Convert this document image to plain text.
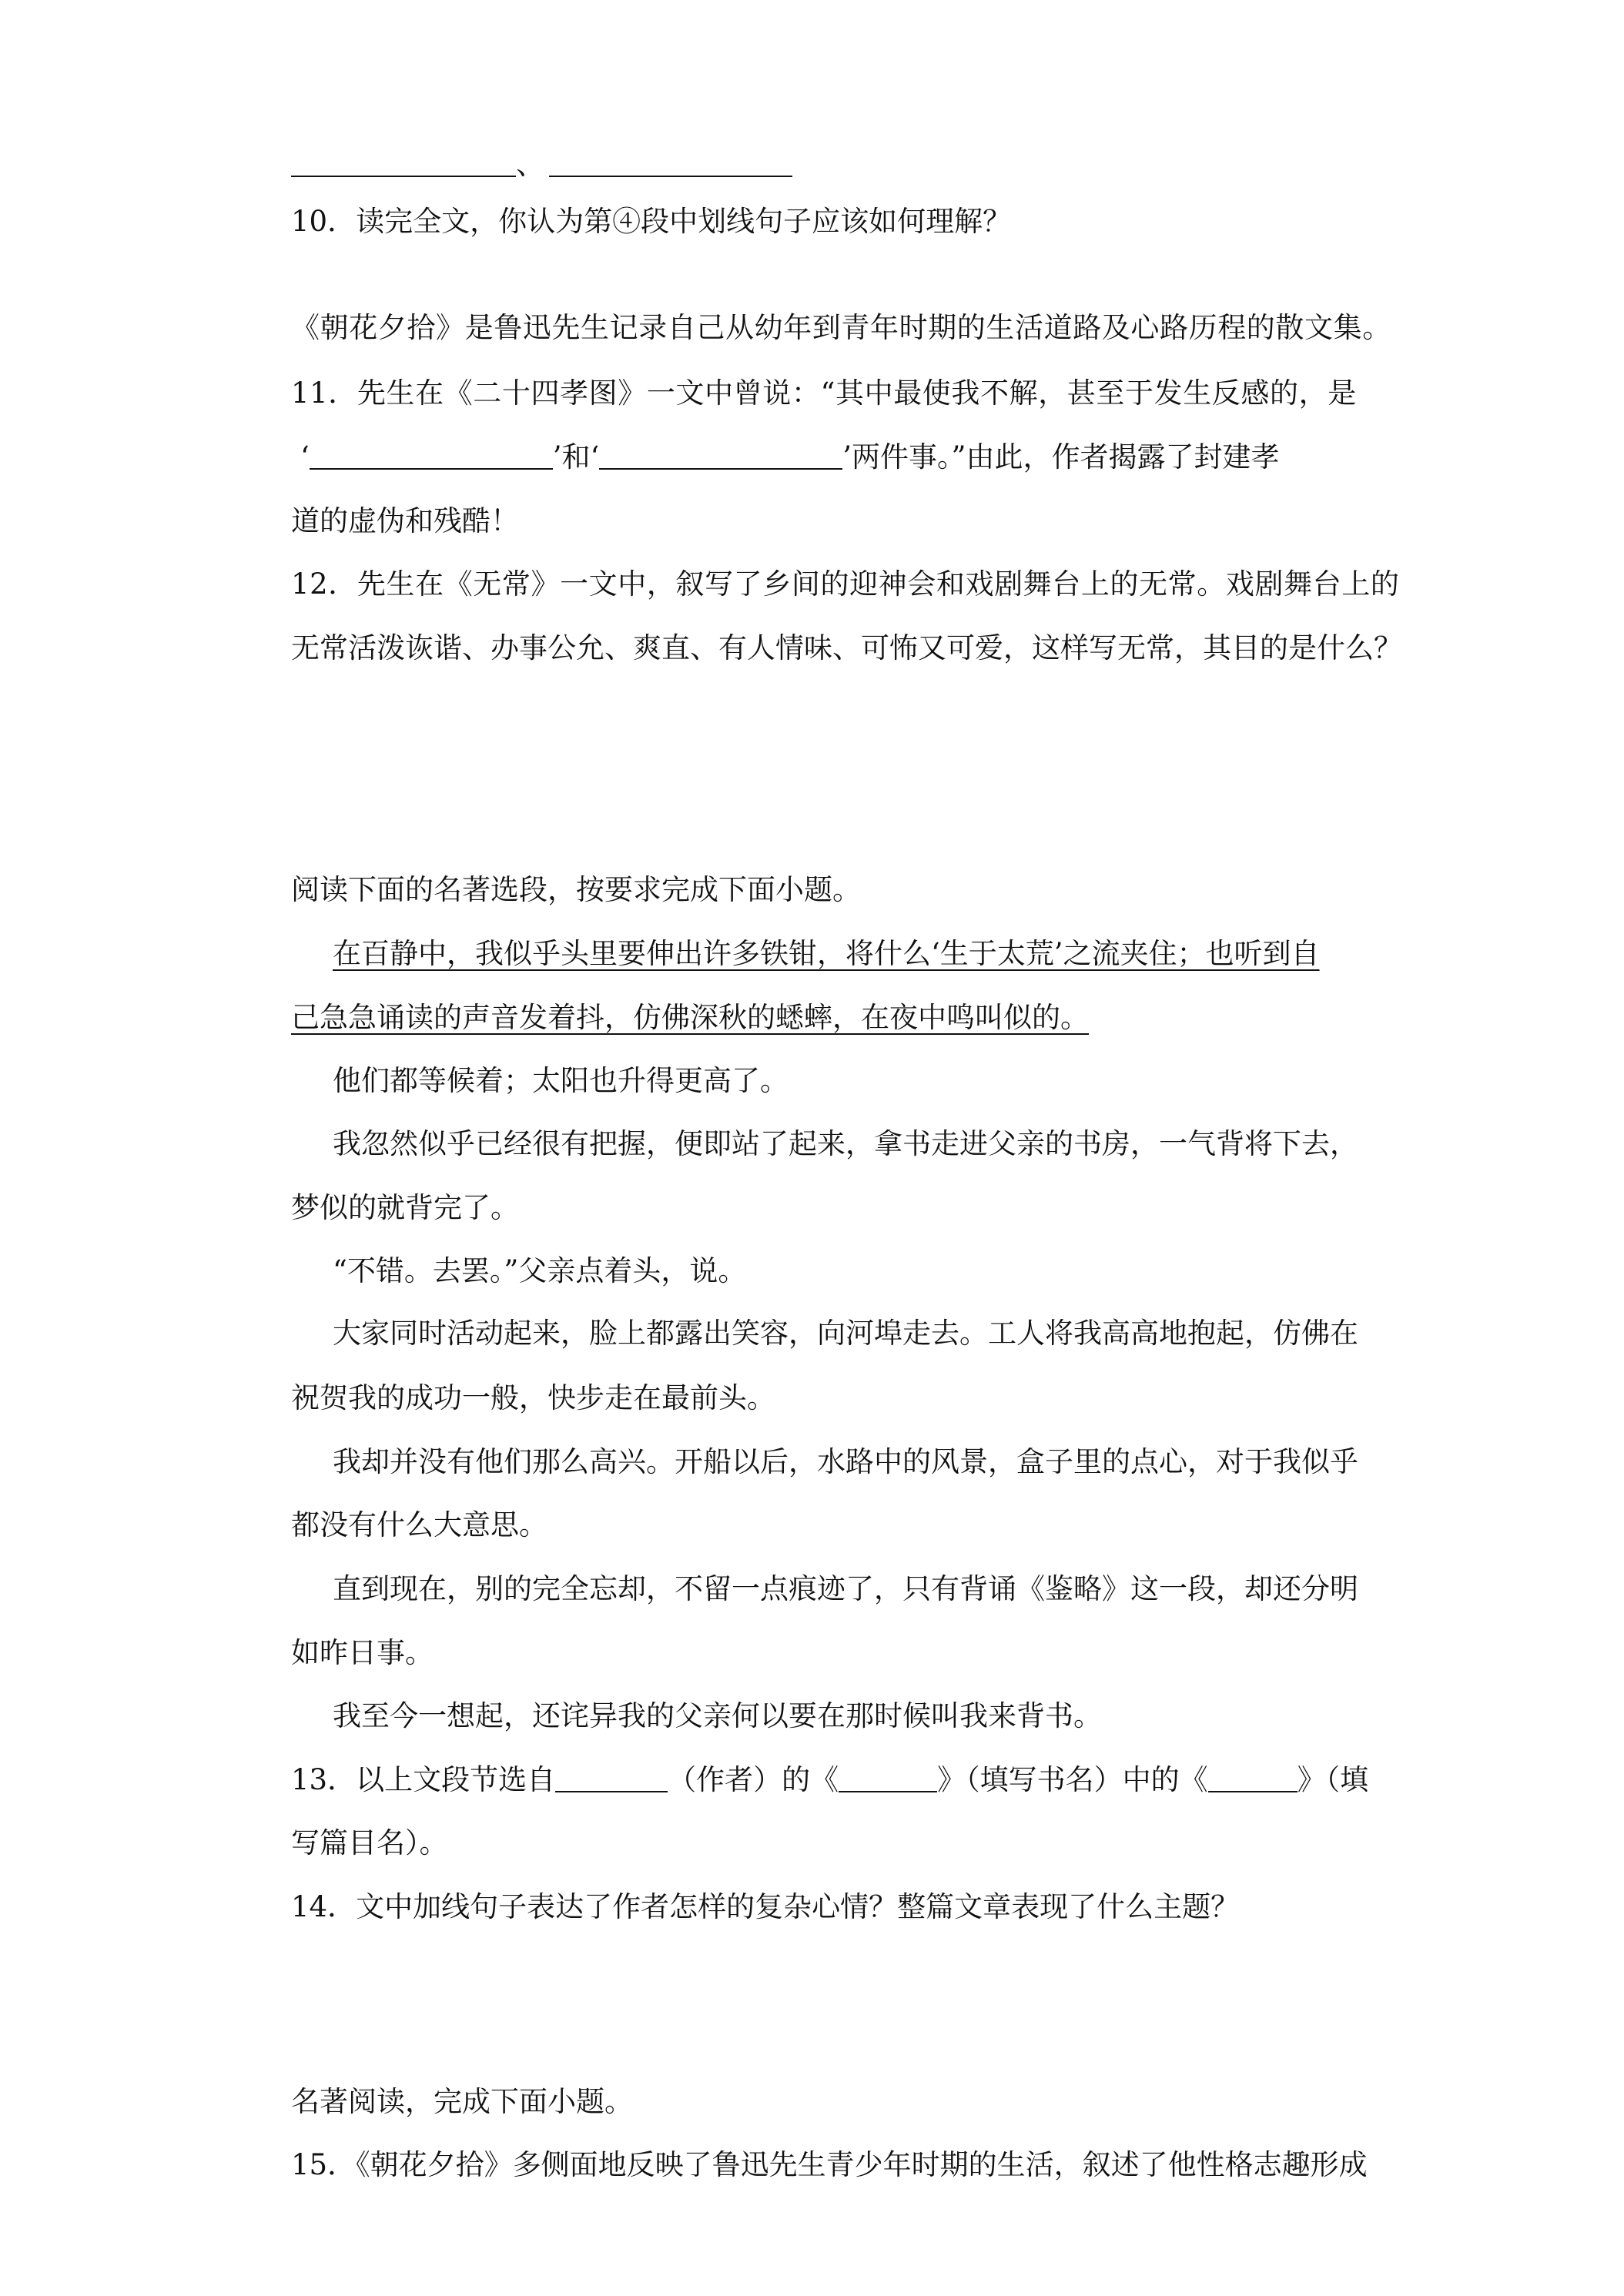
、

10．读完全文，你认为第④段中划线句子应该如何理解？

《朝花夕拾》是鲁迅先生记录自己从幼年到青年时期的生活道路及心路历程的散文集。

11．先生在《二十四孝图》一文中曾说：“其中最使我不解，甚至于发生反感的，是

‘	’和‘	’两件事。”由此，作者揭露了封建孝

道的虚伪和残酷！

12．先生在《无常》一文中，叙写了乡间的迎神会和戏剧舞台上的无常。戏剧舞台上的

无常活泼诙谐、办事公允、爽直、有人情味、可怖又可爱，这样写无常，其目的是什么？

阅读下面的名著选段，按要求完成下面小题。

在百静中，我似乎头里要伸出许多铁钳，将什么‘生于太荒’之流夹住；也听到自

己急急诵读的声音发着抖，仿佛深秋的蟋蟀，在夜中鸣叫似的。

他们都等候着；太阳也升得更高了。

我忽然似乎已经很有把握，便即站了起来，拿书走进父亲的书房，一气背将下去，

梦似的就背完了。

“不错。去罢。”父亲点着头，说。

大家同时活动起来，脸上都露出笑容，向河埠走去。工人将我高高地抱起，仿佛在

祝贺我的成功一般，快步走在最前头。

我却并没有他们那么高兴。开船以后，水路中的风景，盒子里的点心，对于我似乎

都没有什么大意思。

直到现在，别的完全忘却，不留一点痕迹了，只有背诵《鉴略》这一段，却还分明

如昨日事。

我至今一想起，还诧异我的父亲何以要在那时候叫我来背书。

13．以上文段节选自	（作者）的《	》（填写书名）中的《	》（填

写篇目名）。

14．文中加线句子表达了作者怎样的复杂心情？整篇文章表现了什么主题？

名著阅读，完成下面小题。

15．《朝花夕拾》多侧面地反映了鲁迅先生青少年时期的生活，叙述了他性格志趣形成
